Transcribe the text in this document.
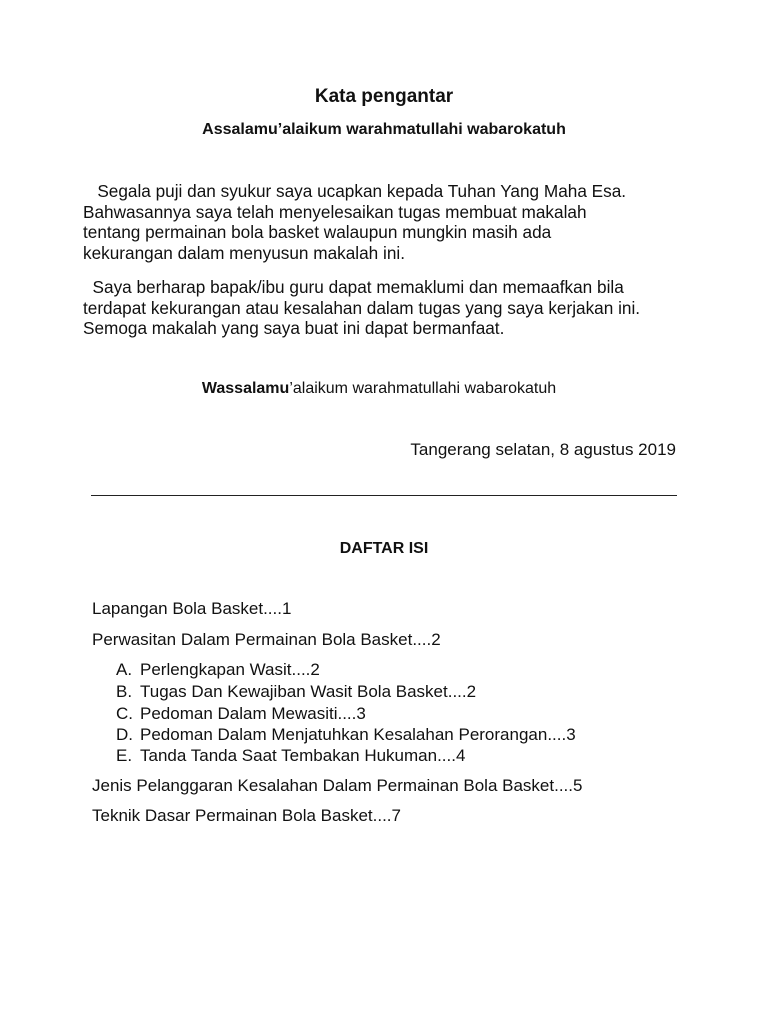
Kata pengantar
Assalamu’alaikum warahmatullahi wabarokatuh
Segala puji dan syukur saya ucapkan kepada Tuhan Yang Maha Esa.
Bahwasannya saya telah menyelesaikan tugas membuat makalah
tentang permainan bola basket walaupun mungkin masih ada
kekurangan dalam menyusun makalah ini.
Saya berharap bapak/ibu guru dapat memaklumi dan memaafkan bila
terdapat kekurangan atau kesalahan dalam tugas yang saya kerjakan ini.
Semoga makalah yang saya buat ini dapat bermanfaat.
Wassalamu’alaikum warahmatullahi wabarokatuh
Tangerang selatan, 8 agustus 2019
DAFTAR ISI
Lapangan Bola Basket....1
Perwasitan Dalam Permainan Bola Basket....2
A. Perlengkapan Wasit....2
B. Tugas Dan Kewajiban Wasit Bola Basket....2
C. Pedoman Dalam Mewasiti....3
D. Pedoman Dalam Menjatuhkan Kesalahan Perorangan....3
E. Tanda Tanda Saat Tembakan Hukuman....4
Jenis Pelanggaran Kesalahan Dalam Permainan Bola Basket....5
Teknik Dasar Permainan Bola Basket....7
